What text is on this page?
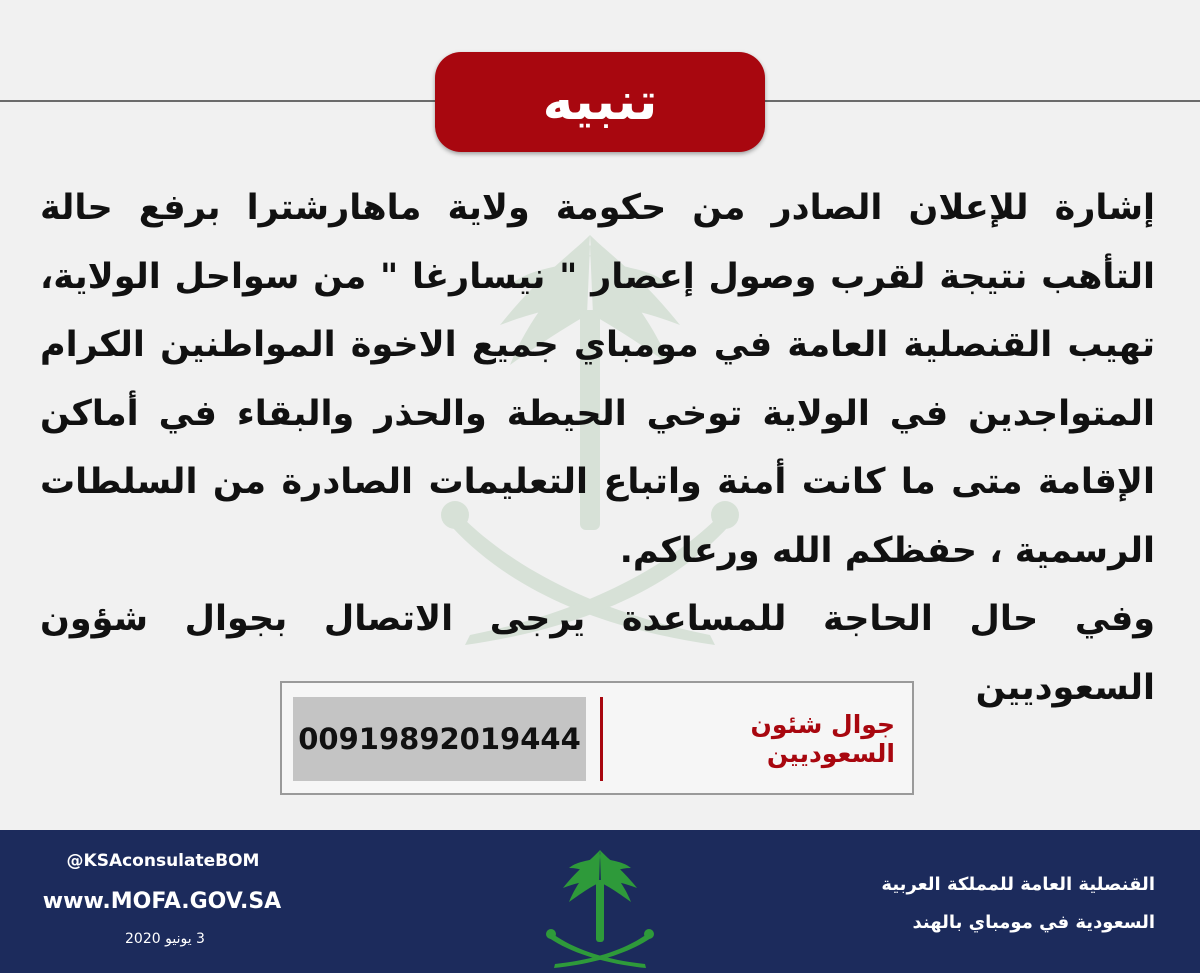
تنبيه

إشارة للإعلان الصادر من حكومة ولاية ماهارشترا برفع حالة التأهب نتيجة لقرب وصول إعصار " نيسارغا " من سواحل الولاية، تهيب القنصلية العامة في مومباي جميع الاخوة المواطنين الكرام المتواجدين في الولاية توخي الحيطة والحذر والبقاء في أماكن الإقامة متى ما كانت أمنة واتباع التعليمات الصادرة من السلطات الرسمية ، حفظكم الله ورعاكم.

وفي حال الحاجة للمساعدة يرجى الاتصال بجوال شؤون السعوديين

00919892019444	جوال شئون السعوديين
@KSAconsulateBOM
www.MOFA.GOV.SA
3 يونيو 2020
القنصلية العامة للمملكة العربية
السعودية في مومباي بالهند
